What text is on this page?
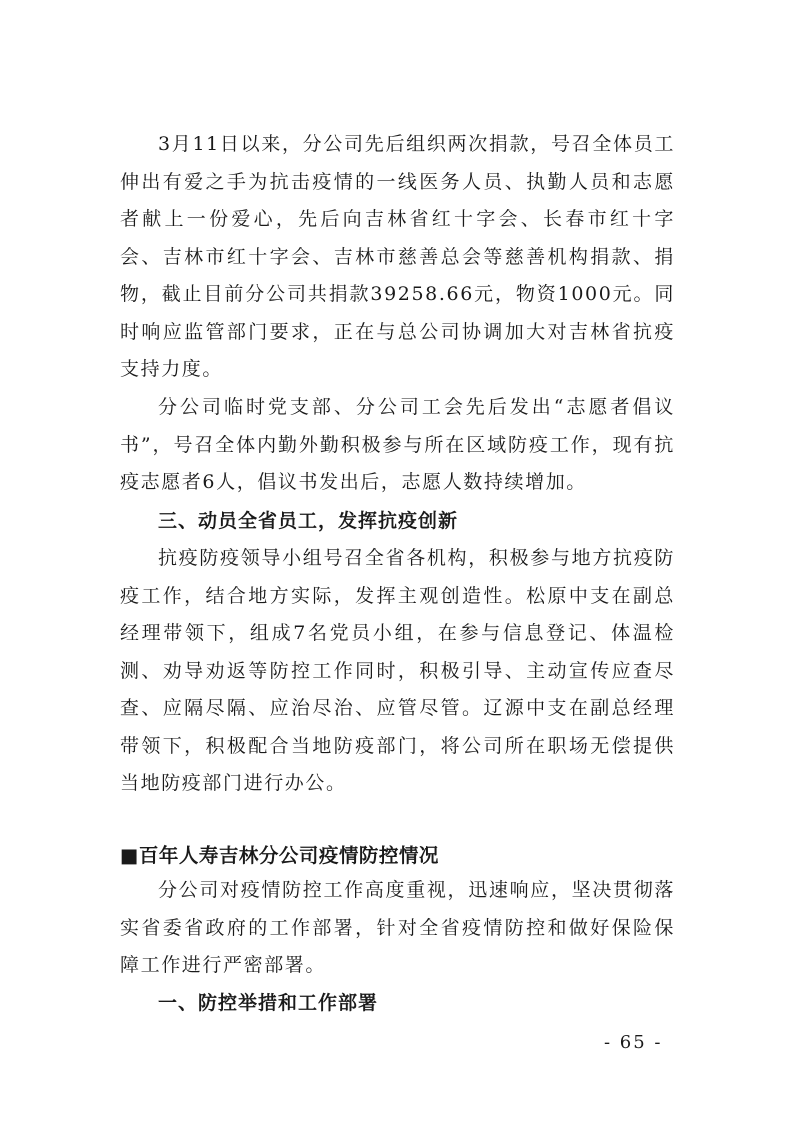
3月11日以来，分公司先后组织两次捐款，号召全体员工伸出有爱之手为抗击疫情的一线医务人员、执勤人员和志愿者献上一份爱心，先后向吉林省红十字会、长春市红十字会、吉林市红十字会、吉林市慈善总会等慈善机构捐款、捐物，截止目前分公司共捐款39258.66元，物资1000元。同时响应监管部门要求，正在与总公司协调加大对吉林省抗疫支持力度。

分公司临时党支部、分公司工会先后发出“志愿者倡议书”，号召全体内勤外勤积极参与所在区域防疫工作，现有抗疫志愿者6人，倡议书发出后，志愿人数持续增加。

三、动员全省员工，发挥抗疫创新

抗疫防疫领导小组号召全省各机构，积极参与地方抗疫防疫工作，结合地方实际，发挥主观创造性。松原中支在副总经理带领下，组成7名党员小组，在参与信息登记、体温检测、劝导劝返等防控工作同时，积极引导、主动宣传应查尽查、应隔尽隔、应治尽治、应管尽管。辽源中支在副总经理带领下，积极配合当地防疫部门，将公司所在职场无偿提供当地防疫部门进行办公。

■百年人寿吉林分公司疫情防控情况

分公司对疫情防控工作高度重视，迅速响应，坚决贯彻落实省委省政府的工作部署，针对全省疫情防控和做好保险保障工作进行严密部署。

一、防控举措和工作部署

- 65 -
